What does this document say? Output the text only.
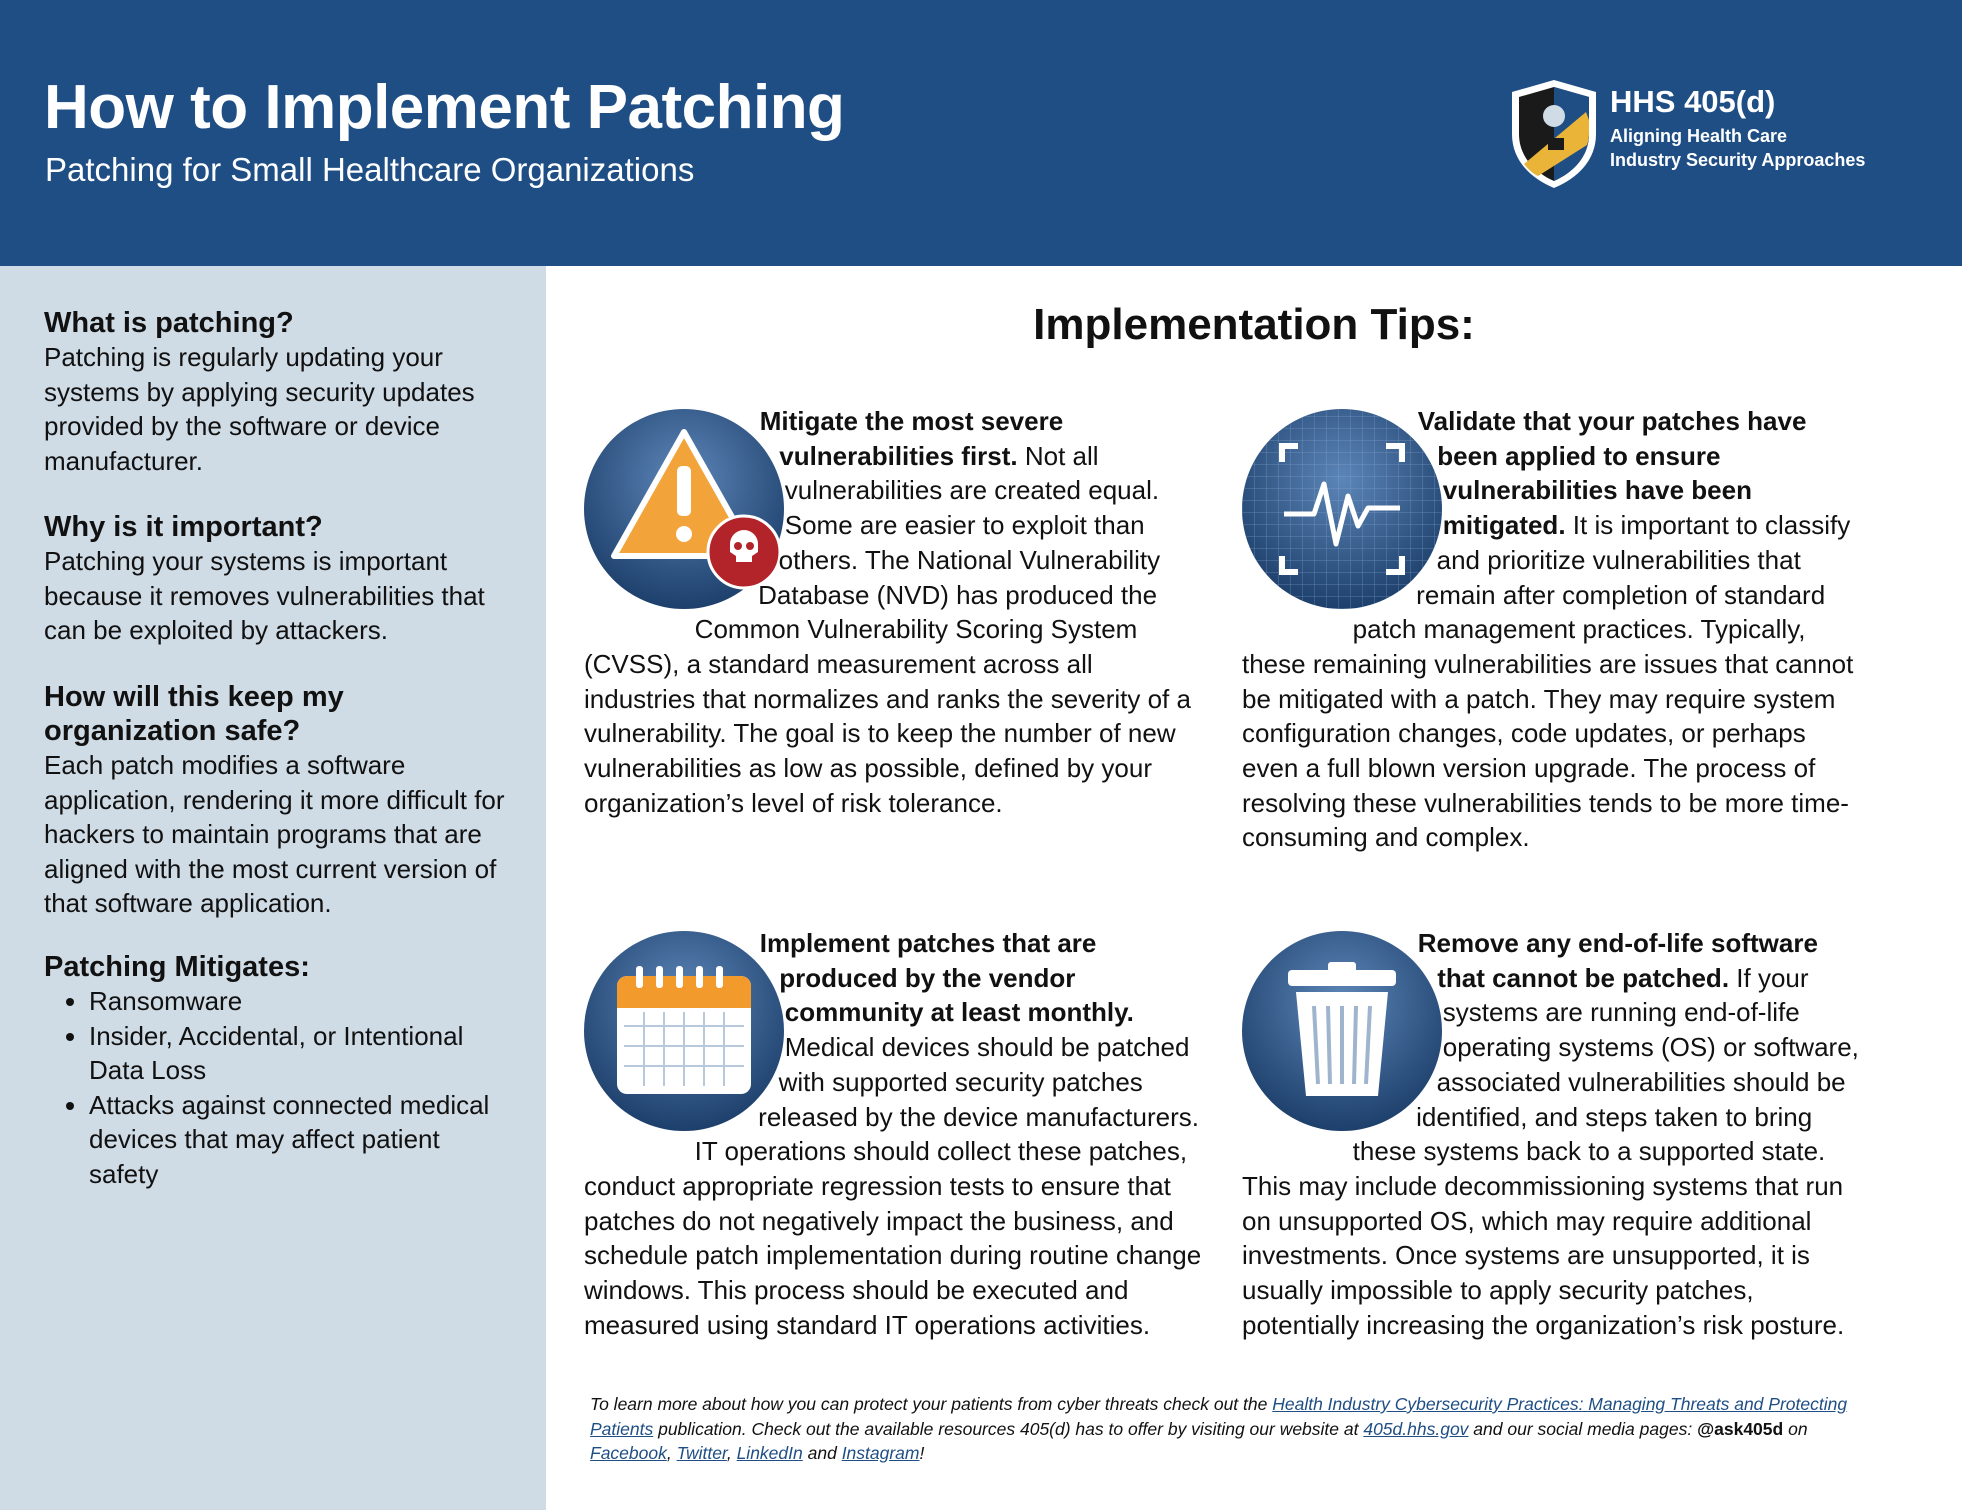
How to Implement Patching
Patching for Small Healthcare Organizations
HHS 405(d)
Aligning Health Care
Industry Security Approaches
What is patching?

Patching is regularly updating your systems by applying security updates provided by the software or device manufacturer.

Why is it important?

Patching your systems is important because it removes vulnerabilities that can be exploited by attackers.

How will this keep my organization safe?

Each patch modifies a software application, rendering it more difficult for hackers to maintain programs that are aligned with the most current version of that software application.

Patching Mitigates:
• Ransomware
• Insider, Accidental, or Intentional Data Loss
• Attacks against connected medical devices that may affect patient safety
Implementation Tips:

Mitigate the most severe vulnerabilities first. Not all vulnerabilities are created equal. Some are easier to exploit than others. The National Vulnerability Database (NVD) has produced the Common Vulnerability Scoring System (CVSS), a standard measurement across all industries that normalizes and ranks the severity of a vulnerability. The goal is to keep the number of new vulnerabilities as low as possible, defined by your organization’s level of risk tolerance.

Validate that your patches have been applied to ensure vulnerabilities have been mitigated. It is important to classify and prioritize vulnerabilities that remain after completion of standard patch management practices. Typically, these remaining vulnerabilities are issues that cannot be mitigated with a patch. They may require system configuration changes, code updates, or perhaps even a full blown version upgrade. The process of resolving these vulnerabilities tends to be more time-consuming and complex.

Implement patches that are produced by the vendor community at least monthly. Medical devices should be patched with supported security patches released by the device manufacturers. IT operations should collect these patches, conduct appropriate regression tests to ensure that patches do not negatively impact the business, and schedule patch implementation during routine change windows. This process should be executed and measured using standard IT operations activities.

Remove any end-of-life software that cannot be patched. If your systems are running end-of-life operating systems (OS) or software, associated vulnerabilities should be identified, and steps taken to bring these systems back to a supported state. This may include decommissioning systems that run on unsupported OS, which may require additional investments. Once systems are unsupported, it is usually impossible to apply security patches, potentially increasing the organization’s risk posture.

To learn more about how you can protect your patients from cyber threats check out the Health Industry Cybersecurity Practices: Managing Threats and Protecting Patients publication. Check out the available resources 405(d) has to offer by visiting our website at 405d.hhs.gov and our social media pages: @ask405d on Facebook, Twitter, LinkedIn and Instagram!
